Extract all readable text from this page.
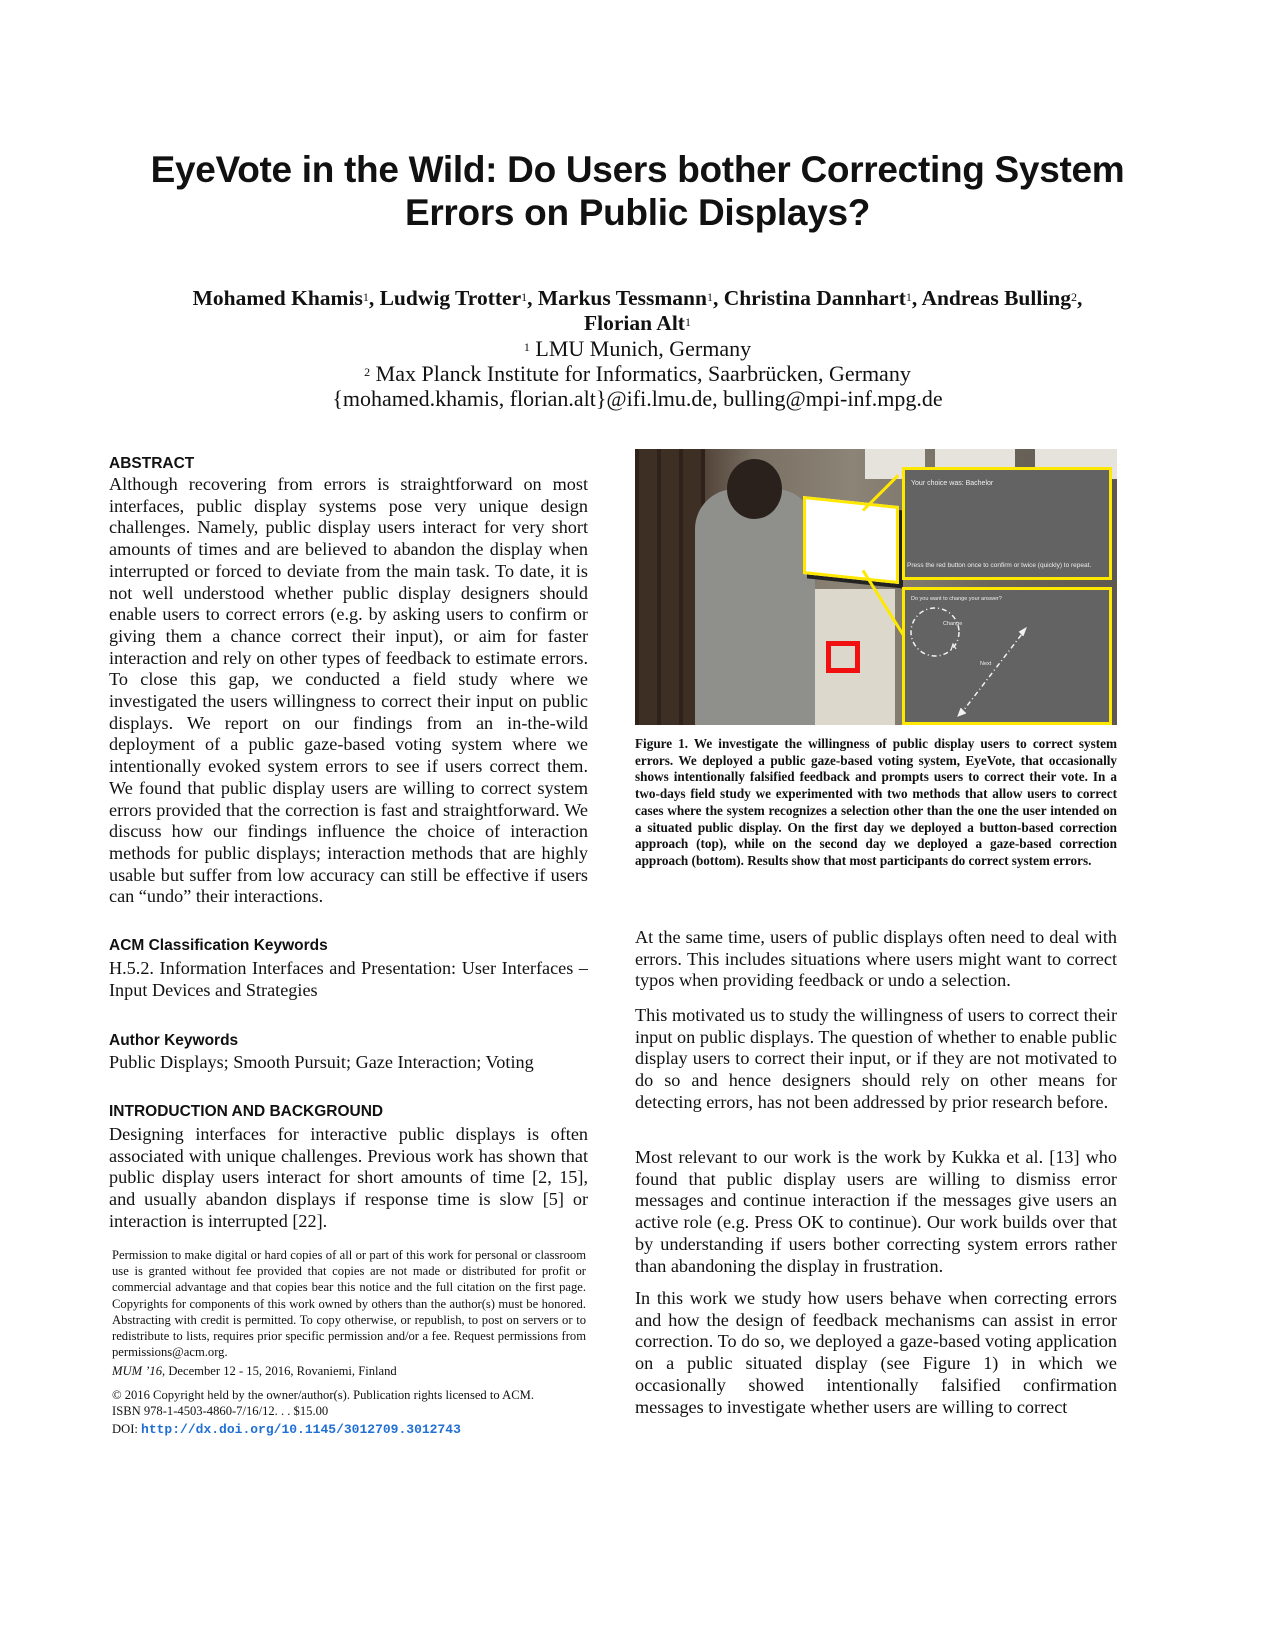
EyeVote in the Wild: Do Users bother Correcting System
Errors on Public Displays?
Mohamed Khamis$^1$, Ludwig Trotter$^1$, Markus Tessmann$^1$, Christina Dannhart$^1$, Andreas Bulling$^2$,
Florian Alt$^1$
$^1$ LMU Munich, Germany
$^2$ Max Planck Institute for Informatics, Saarbrücken, Germany
{mohamed.khamis, florian.alt}@ifi.lmu.de, bulling@mpi-inf.mpg.de
ABSTRACT
Although recovering from errors is straightforward on most interfaces, public display systems pose very unique design challenges. Namely, public display users interact for very short amounts of times and are believed to abandon the display when interrupted or forced to deviate from the main task. To date, it is not well understood whether public display designers should enable users to correct errors (e.g. by asking users to confirm or giving them a chance correct their input), or aim for faster interaction and rely on other types of feedback to estimate errors. To close this gap, we conducted a field study where we investigated the users willingness to correct their input on public displays. We report on our findings from an in-the-wild deployment of a public gaze-based voting system where we intentionally evoked system errors to see if users correct them. We found that public display users are willing to correct system errors provided that the correction is fast and straightforward. We discuss how our findings influence the choice of interaction methods for public displays; interaction methods that are highly usable but suffer from low accuracy can still be effective if users can “undo” their interactions.
ACM Classification Keywords
H.5.2. Information Interfaces and Presentation: User Interfaces – Input Devices and Strategies
Author Keywords
Public Displays; Smooth Pursuit; Gaze Interaction; Voting
INTRODUCTION AND BACKGROUND
Designing interfaces for interactive public displays is often associated with unique challenges. Previous work has shown that public display users interact for short amounts of time [2, 15], and usually abandon displays if response time is slow [5] or interaction is interrupted [22].
Permission to make digital or hard copies of all or part of this work for personal or classroom use is granted without fee provided that copies are not made or distributed for profit or commercial advantage and that copies bear this notice and the full citation on the first page. Copyrights for components of this work owned by others than the author(s) must be honored. Abstracting with credit is permitted. To copy otherwise, or republish, to post on servers or to redistribute to lists, requires prior specific permission and/or a fee. Request permissions from permissions@acm.org.
MUM ’16, December 12 - 15, 2016, Rovaniemi, Finland
© 2016 Copyright held by the owner/author(s). Publication rights licensed to ACM.
ISBN 978-1-4503-4860-7/16/12. . . $15.00
DOI: http://dx.doi.org/10.1145/3012709.3012743
Your choice was: Bachelor
Press the red button once to confirm or twice (quickly) to repeat.
Do you want to change your answer?
Change
Next
Figure 1. We investigate the willingness of public display users to correct system errors. We deployed a public gaze-based voting system, EyeVote, that occasionally shows intentionally falsified feedback and prompts users to correct their vote. In a two-days field study we experimented with two methods that allow users to correct cases where the system recognizes a selection other than the one the user intended on a situated public display. On the first day we deployed a button-based correction approach (top), while on the second day we deployed a gaze-based correction approach (bottom). Results show that most participants do correct system errors.
At the same time, users of public displays often need to deal with errors. This includes situations where users might want to correct typos when providing feedback or undo a selection.
This motivated us to study the willingness of users to correct their input on public displays. The question of whether to enable public display users to correct their input, or if they are not motivated to do so and hence designers should rely on other means for detecting errors, has not been addressed by prior research before.
Most relevant to our work is the work by Kukka et al. [13] who found that public display users are willing to dismiss error messages and continue interaction if the messages give users an active role (e.g. Press OK to continue). Our work builds over that by understanding if users bother correcting system errors rather than abandoning the display in frustration.
In this work we study how users behave when correcting errors and how the design of feedback mechanisms can assist in error correction. To do so, we deployed a gaze-based voting application on a public situated display (see Figure 1) in which we occasionally showed intentionally falsified confirmation messages to investigate whether users are willing to correct
